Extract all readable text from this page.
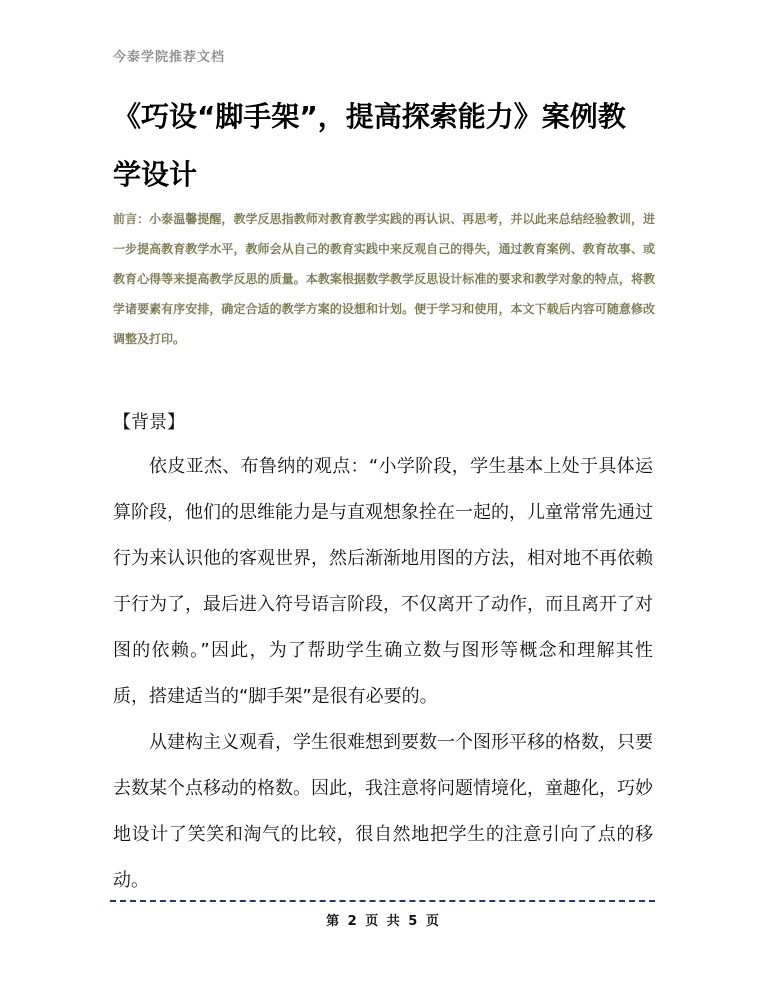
今泰学院推荐文档
《巧设“脚手架”，提高探索能力》案例教学设计

前言：小泰温馨提醒，教学反思指教师对教育教学实践的再认识、再思考，并以此来总结经验教训，进一步提高教育教学水平，教师会从自己的教育实践中来反观自己的得失，通过教育案例、教育故事、或教育心得等来提高教学反思的质量。本教案根据数学教学反思设计标准的要求和教学对象的特点，将教学诸要素有序安排，确定合适的教学方案的设想和计划。便于学习和使用，本文下载后内容可随意修改调整及打印。

【背景】

依皮亚杰、布鲁纳的观点：“小学阶段，学生基本上处于具体运算阶段，他们的思维能力是与直观想象拴在一起的，儿童常常先通过行为来认识他的客观世界，然后渐渐地用图的方法，相对地不再依赖于行为了，最后进入符号语言阶段，不仅离开了动作，而且离开了对图的依赖。”因此，为了帮助学生确立数与图形等概念和理解其性质，搭建适当的“脚手架”是很有必要的。

从建构主义观看，学生很难想到要数一个图形平移的格数，只要去数某个点移动的格数。因此，我注意将问题情境化，童趣化，巧妙地设计了笑笑和淘气的比较，很自然地把学生的注意引向了点的移动。

第 2 页 共 5 页
